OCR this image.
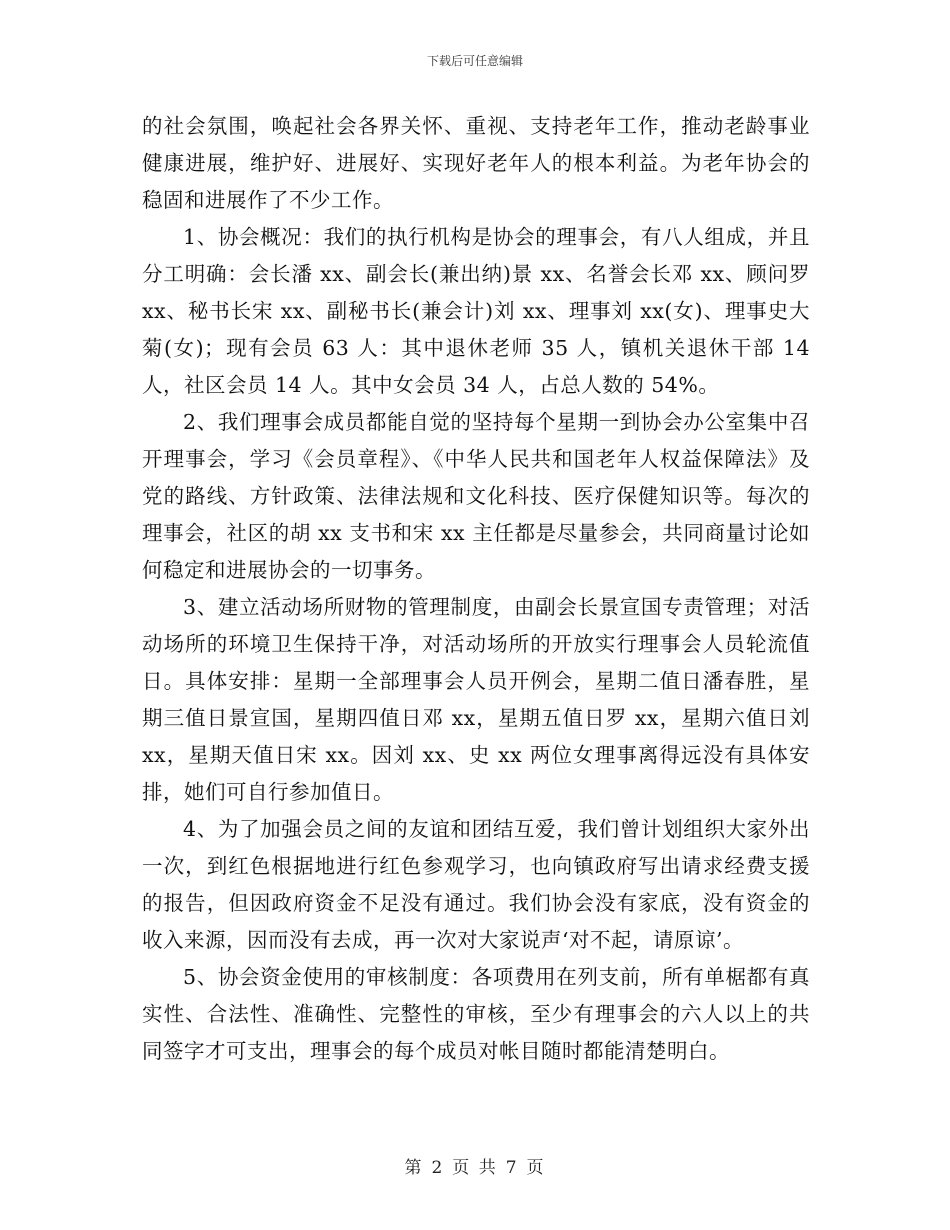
下载后可任意编辑

的社会氛围，唤起社会各界关怀、重视、支持老年工作，推动老龄事业健康进展，维护好、进展好、实现好老年人的根本利益。为老年协会的稳固和进展作了不少工作。

1、协会概况：我们的执行机构是协会的理事会，有八人组成，并且分工明确：会长潘 xx、副会长(兼出纳)景 xx、名誉会长邓 xx、顾问罗 xx、秘书长宋 xx、副秘书长(兼会计)刘 xx、理事刘 xx(女)、理事史大菊(女)；现有会员 63 人：其中退休老师 35 人，镇机关退休干部 14 人，社区会员 14 人。其中女会员 34 人，占总人数的 54%。

2、我们理事会成员都能自觉的坚持每个星期一到协会办公室集中召开理事会，学习《会员章程》、《中华人民共和国老年人权益保障法》及党的路线、方针政策、法律法规和文化科技、医疗保健知识等。每次的理事会，社区的胡 xx 支书和宋 xx 主任都是尽量参会，共同商量讨论如何稳定和进展协会的一切事务。

3、建立活动场所财物的管理制度，由副会长景宣国专责管理；对活动场所的环境卫生保持干净，对活动场所的开放实行理事会人员轮流值日。具体安排：星期一全部理事会人员开例会，星期二值日潘春胜，星期三值日景宣国，星期四值日邓 xx，星期五值日罗 xx，星期六值日刘 xx，星期天值日宋 xx。因刘 xx、史 xx 两位女理事离得远没有具体安排，她们可自行参加值日。

4、为了加强会员之间的友谊和团结互爱，我们曾计划组织大家外出一次，到红色根据地进行红色参观学习，也向镇政府写出请求经费支援的报告，但因政府资金不足没有通过。我们协会没有家底，没有资金的收入来源，因而没有去成，再一次对大家说声‘对不起，请原谅’。

5、协会资金使用的审核制度：各项费用在列支前，所有单椐都有真实性、合法性、准确性、完整性的审核，至少有理事会的六人以上的共同签字才可支出，理事会的每个成员对帐目随时都能清楚明白。

第 2 页 共 7 页
